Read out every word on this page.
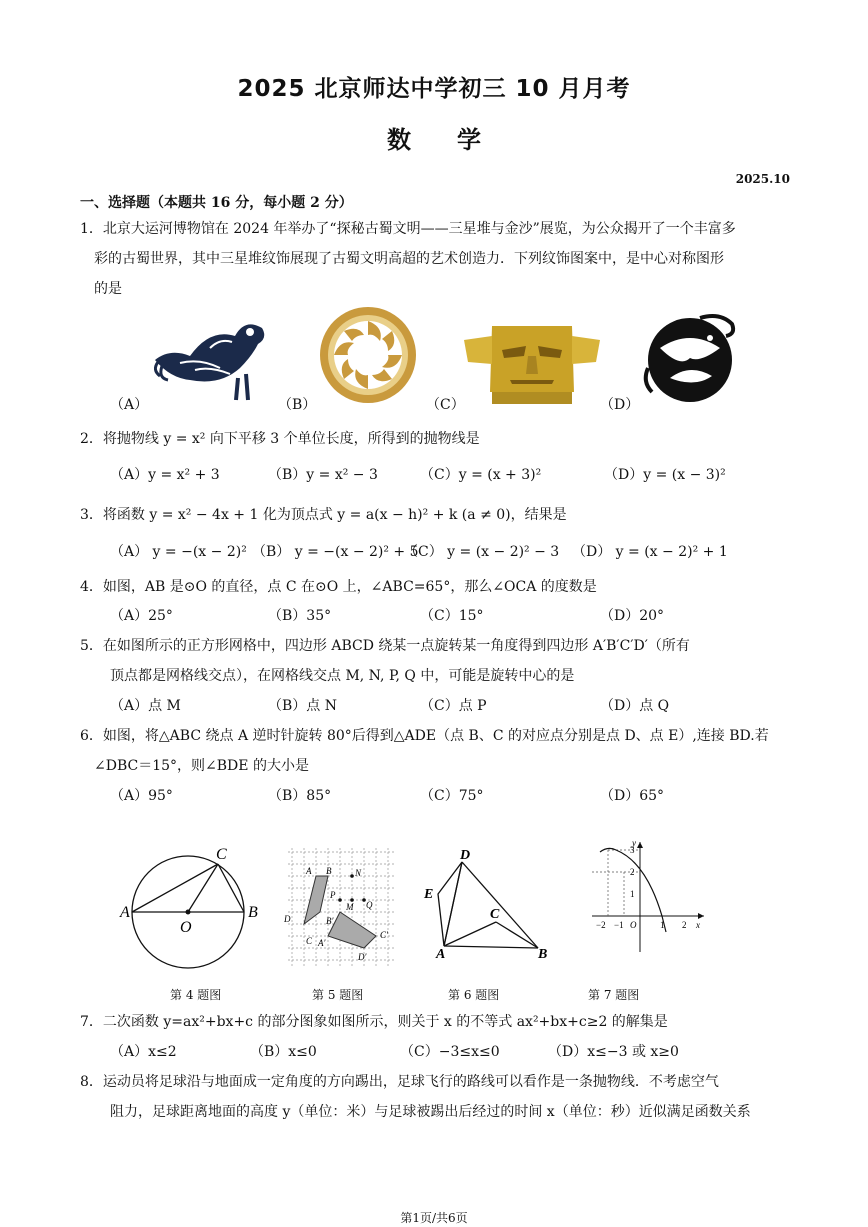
2025 北京师达中学初三 10 月月考
数学
2025.10
一、选择题（本题共 16 分，每小题 2 分）
1．北京大运河博物馆在 2024 年举办了“探秘古蜀文明——三星堆与金沙”展览，为公众揭开了一个丰富多
彩的古蜀世界，其中三星堆纹饰展现了古蜀文明高超的艺术创造力．下列纹饰图案中，是中心对称图形
的是
（A）	（B）	（C）	（D）
2．将抛物线 y = x² 向下平移 3 个单位长度，所得到的抛物线是
（A）y = x² + 3	（B）y = x² − 3	（C）y = (x + 3)²	（D）y = (x − 3)²
3．将函数 y = x² − 4x + 1 化为顶点式 y = a(x − h)² + k (a ≠ 0)，结果是
（A） y = −(x − 2)² （B） y = −(x − 2)² + 5
（C） y = (x − 2)² − 3 （D） y = (x − 2)² + 1
4．如图，AB 是⊙O 的直径，点 C 在⊙O 上，∠ABC=65°，那么∠OCA 的度数是
（A）25°	（B）35°	（C）15°	（D）20°
5．在如图所示的正方形网格中，四边形 ABCD 绕某一点旋转某一角度得到四边形 A′B′C′D′（所有
顶点都是网格线交点），在网格线交点 M, N, P, Q 中，可能是旋转中心的是
（A）点 M	（B）点 N	（C）点 P	（D）点 Q
6．如图，将△ABC 绕点 A 逆时针旋转 80°后得到△ADE（点 B、C 的对应点分别是点 D、点 E）,连接 BD.若
∠DBC＝15°，则∠BDE 的大小是
（A）95°	（B）85°	（C）75°	（D）65°
A	B
C
O
A B	N
P
M Q
D
C
B′
A′
C′
D′
D
E
C
A	B
y
3
2
1
O
−2 −1	1 2 x
第 4 题图	第 5 题图	第 6 题图	第 7 题图
7．二次函数 y=ax²+bx+c 的部分图象如图所示，则关于 x 的不等式 ax²+bx+c≥2 的解集是
（A）x≤2	（B）x≤0	（C）−3≤x≤0	（D）x≤−3 或 x≥0
8．运动员将足球沿与地面成一定角度的方向踢出，足球飞行的路线可以看作是一条抛物线．不考虑空气
阻力，足球距离地面的高度 y（单位：米）与足球被踢出后经过的时间 x（单位：秒）近似满足函数关系
第1页/共6页
